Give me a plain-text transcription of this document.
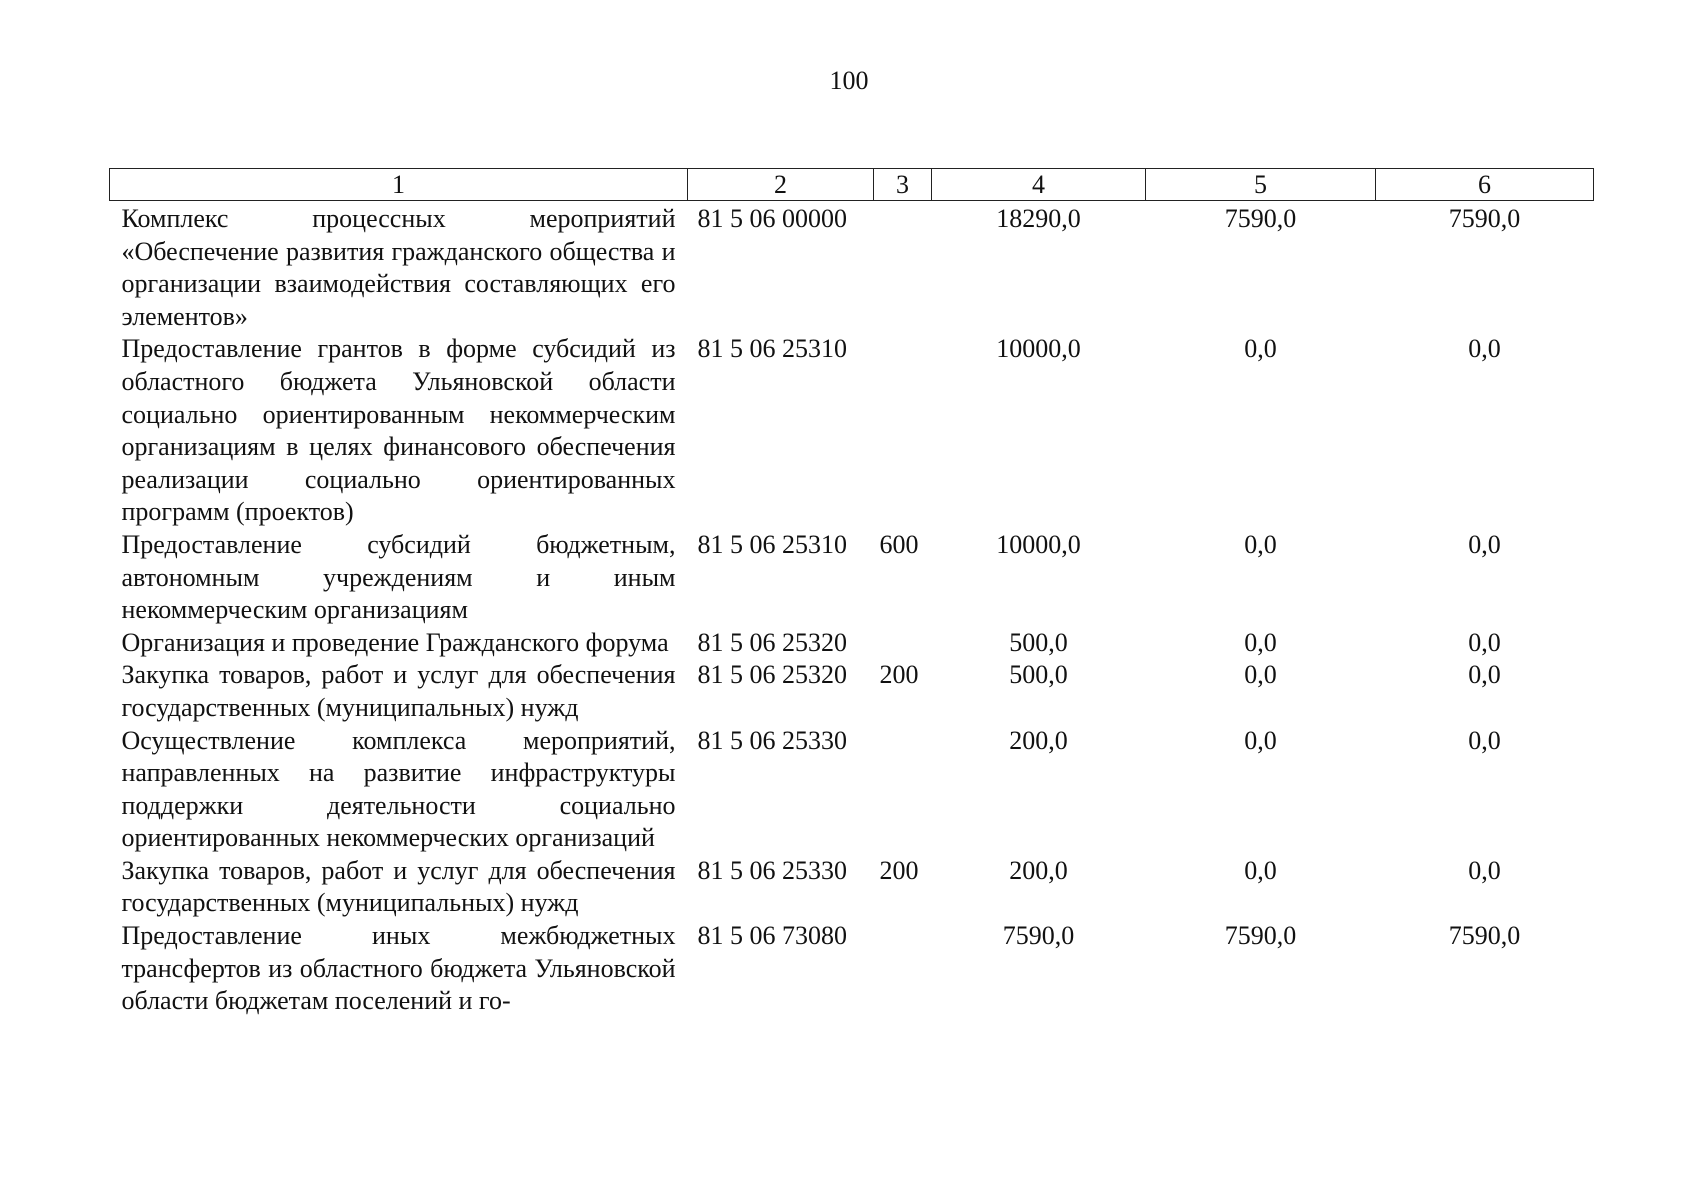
100
1	2	3	4	5	6
Комплекс процессных мероприятий «Обеспечение развития гражданского общества и организации взаимодействия составляющих его элементов»	81 5 06 00000		18290,0	7590,0	7590,0
Предоставление грантов в форме субсидий из областного бюджета Ульяновской области социально ориентированным некоммерческим организациям в целях финансового обеспечения реализации социально ориентированных программ (проектов)	81 5 06 25310		10000,0	0,0	0,0
Предоставление субсидий бюджетным, автономным учреждениям и иным некоммерческим организациям	81 5 06 25310	600	10000,0	0,0	0,0
Организация и проведение Гражданского форума	81 5 06 25320		500,0	0,0	0,0
Закупка товаров, работ и услуг для обеспечения государственных (муниципальных) нужд	81 5 06 25320	200	500,0	0,0	0,0
Осуществление комплекса мероприятий, направленных на развитие инфраструктуры поддержки деятельности социально ориентированных некоммерческих организаций	81 5 06 25330		200,0	0,0	0,0
Закупка товаров, работ и услуг для обеспечения государственных (муниципальных) нужд	81 5 06 25330	200	200,0	0,0	0,0
Предоставление иных межбюджетных трансфертов из областного бюджета Ульяновской области бюджетам поселений и го-	81 5 06 73080		7590,0	7590,0	7590,0
